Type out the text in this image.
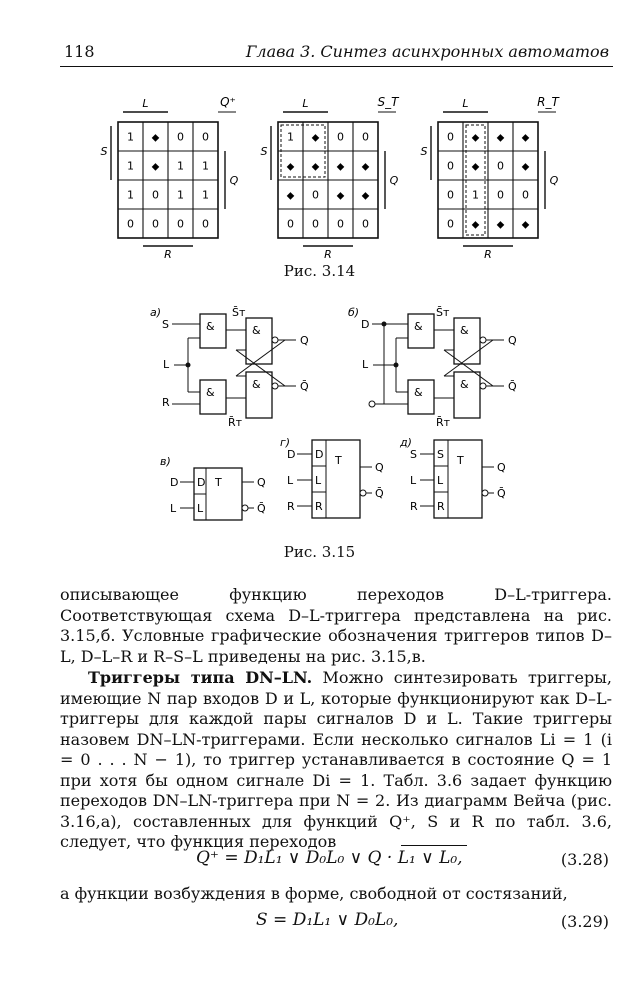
118	Глава 3. Синтез асинхронных автоматов
1 ◆ 0 0
1 ◆ 1 1
1 0 1 1
0 0 0 0
L	Q⁺
S
Q
R
1 ◆ 0 0
◆ ◆ ◆ ◆
◆ 0 ◆ ◆
0 0 0 0
L	S_T
S
Q
R
0 ◆ ◆ ◆
0 ◆ 0 ◆
0 1 0 0
0 ◆ ◆ ◆
L	R_T
S
Q
R
Рис. 3.14
а)
S	&
S̄т
&
Q
L
&
R
&
R̄т
Q̄
б)
D	&
S̄т
&
Q
L
&
&
R̄т
Q̄
в)
D
L
T
D
L
Q
Q̄
г)
D
L
R
T
D
L
R
Q
Q̄
д)
S
L
R
T
S
L
R
Q
Q̄
Рис. 3.15

описывающее функцию переходов D–L-триггера. Соответствующая схема D–L-триггера представлена на рис. 3.15,б. Условные графические обозначения триггеров типов D–L, D–L–R и R–S–L приведены на рис. 3.15,в.

Триггеры типа DN–LN. Можно синтезировать триггеры, имеющие N пар входов D и L, которые функционируют как D–L-триггеры для каждой пары сигналов D и L. Такие триггеры назовем DN–LN-триггерами. Если несколько сигналов Li = 1 (i = 0 . . . N − 1), то триггер устанавливается в состояние Q = 1 при хотя бы одном сигнале Di = 1. Табл. 3.6 задает функцию переходов DN–LN-триггера при N = 2. Из диаграмм Вейча (рис. 3.16,а), составленных для функций Q⁺, S и R по табл. 3.6, следует, что функция переходов

Q⁺ = D₁L₁ ∨ D₀L₀ ∨ Q · L₁ ∨ L₀,	(3.28)

а функции возбуждения в форме, свободной от состязаний,

S = D₁L₁ ∨ D₀L₀,	(3.29)
